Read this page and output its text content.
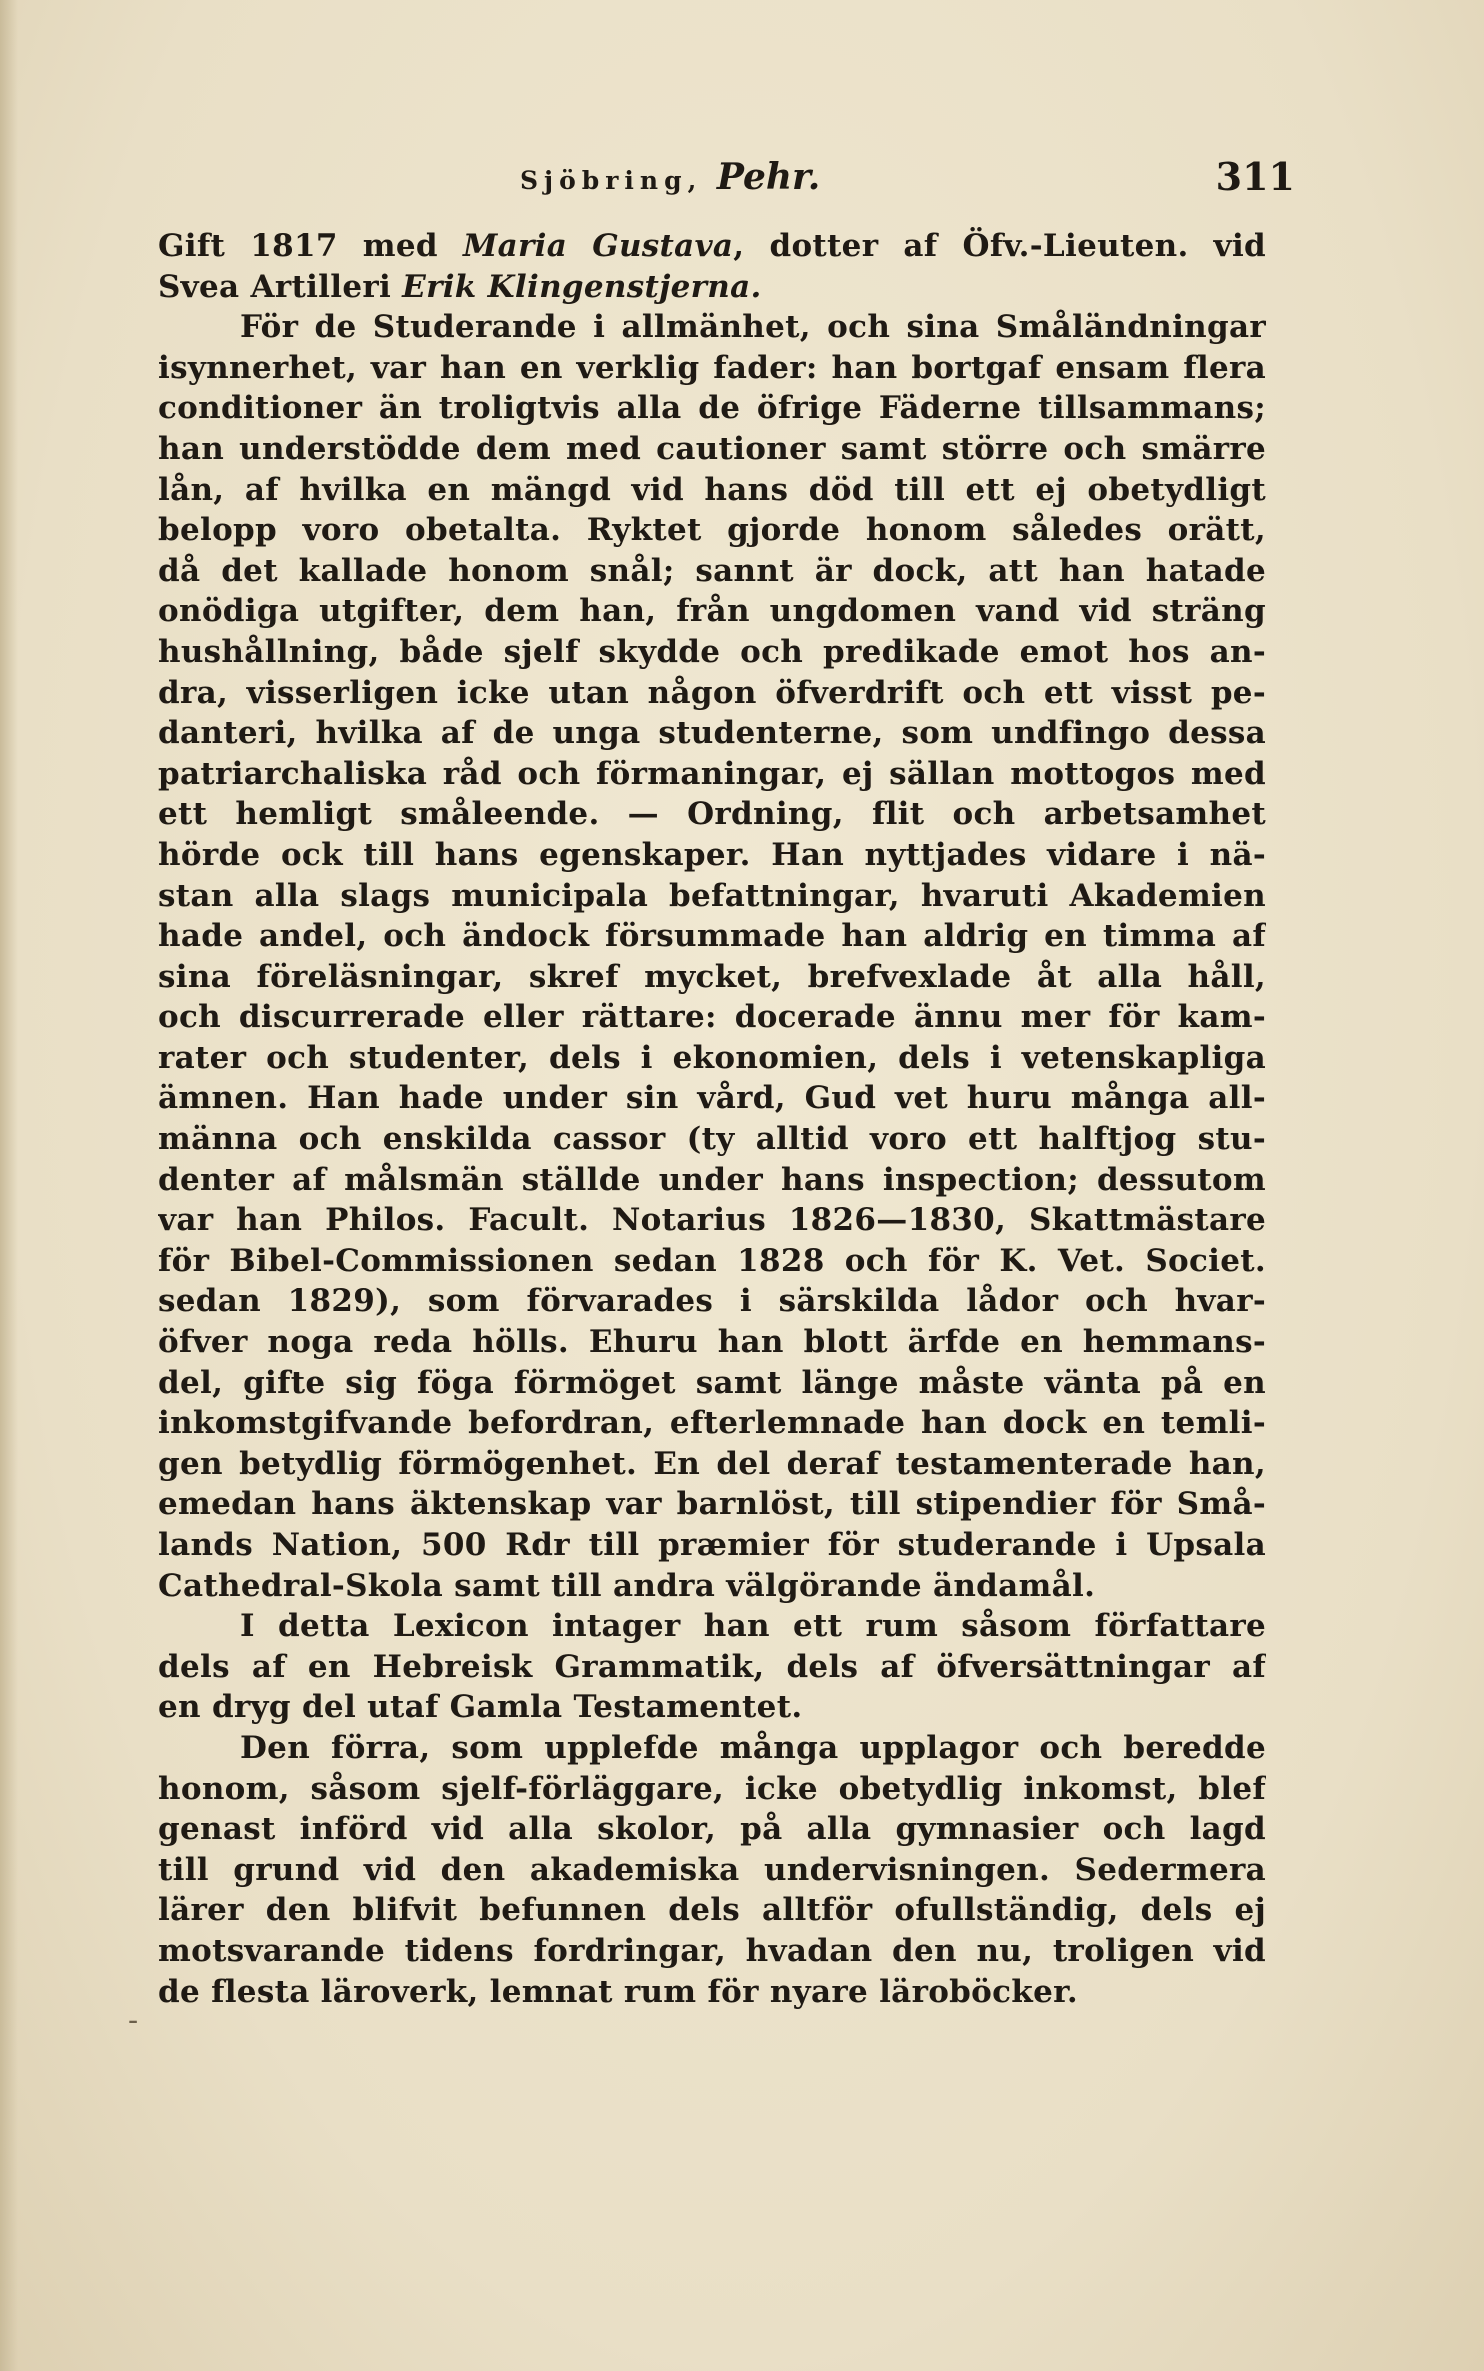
Sjöbring, Pehr.	311
-
Gift 1817 med Maria Gustava, dotter af Öfv.-Lieuten. vid
Svea Artilleri Erik Klingenstjerna.
För de Studerande i allmänhet, och sina Småländningar
isynnerhet, var han en verklig fader: han bortgaf ensam flera
conditioner än troligtvis alla de öfrige Fäderne tillsammans;
han understödde dem med cautioner samt större och smärre
lån, af hvilka en mängd vid hans död till ett ej obetydligt
belopp voro obetalta. Ryktet gjorde honom således orätt,
då det kallade honom snål; sannt är dock, att han hatade
onödiga utgifter, dem han, från ungdomen vand vid sträng
hushållning, både sjelf skydde och predikade emot hos an-
dra, visserligen icke utan någon öfverdrift och ett visst pe-
danteri, hvilka af de unga studenterne, som undfingo dessa
patriarchaliska råd och förmaningar, ej sällan mottogos med
ett hemligt småleende. — Ordning, flit och arbetsamhet
hörde ock till hans egenskaper. Han nyttjades vidare i nä-
stan alla slags municipala befattningar, hvaruti Akademien
hade andel, och ändock försummade han aldrig en timma af
sina föreläsningar, skref mycket, brefvexlade åt alla håll,
och discurrerade eller rättare: docerade ännu mer för kam-
rater och studenter, dels i ekonomien, dels i vetenskapliga
ämnen. Han hade under sin vård, Gud vet huru många all-
männa och enskilda cassor (ty alltid voro ett halftjog stu-
denter af målsmän ställde under hans inspection; dessutom
var han Philos. Facult. Notarius 1826—1830, Skattmästare
för Bibel-Commissionen sedan 1828 och för K. Vet. Societ.
sedan 1829), som förvarades i särskilda lådor och hvar-
öfver noga reda hölls. Ehuru han blott ärfde en hemmans-
del, gifte sig föga förmöget samt länge måste vänta på en
inkomstgifvande befordran, efterlemnade han dock en temli-
gen betydlig förmögenhet. En del deraf testamenterade han,
emedan hans äktenskap var barnlöst, till stipendier för Små-
lands Nation, 500 Rdr till præmier för studerande i Upsala
Cathedral-Skola samt till andra välgörande ändamål.
I detta Lexicon intager han ett rum såsom författare
dels af en Hebreisk Grammatik, dels af öfversättningar af
en dryg del utaf Gamla Testamentet.
Den förra, som upplefde många upplagor och beredde
honom, såsom sjelf-förläggare, icke obetydlig inkomst, blef
genast införd vid alla skolor, på alla gymnasier och lagd
till grund vid den akademiska undervisningen. Sedermera
lärer den blifvit befunnen dels alltför ofullständig, dels ej
motsvarande tidens fordringar, hvadan den nu, troligen vid
de flesta läroverk, lemnat rum för nyare läroböcker.
